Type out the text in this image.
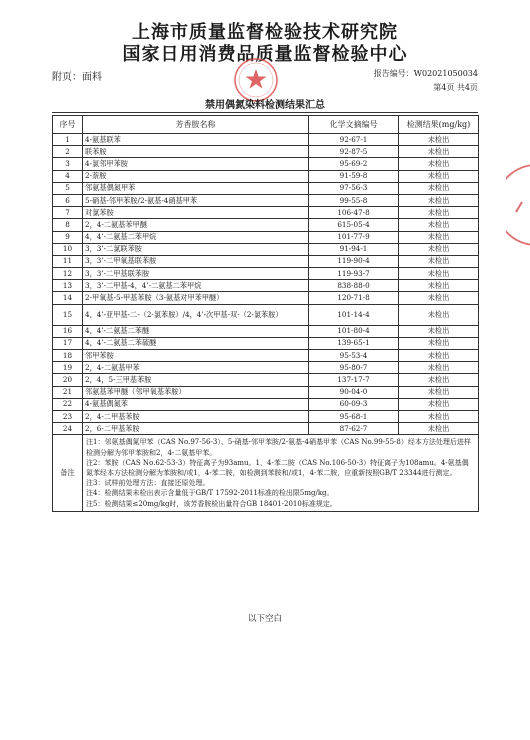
上海市质量监督检验技术研究院
国家日用消费品质量监督检验中心
附页：面料	报告编号：W02021050034
第4页 共4页
禁用偶氮染料检测结果汇总
序号	芳香胺名称	化学文摘编号	检测结果(mg/kg)
1	4-氨基联苯	92-67-1	未检出
2	联苯胺	92-87-5	未检出
3	4-氯邻甲苯胺	95-69-2	未检出
4	2-萘胺	91-59-8	未检出
5	邻氨基偶氮甲苯	97-56-3	未检出
6	5-硝基-邻甲苯胺/2-氨基-4硝基甲苯	99-55-8	未检出
7	对氯苯胺	106-47-8	未检出
8	2，4-二氨基苯甲醚	615-05-4	未检出
9	4，4’-二氨基二苯甲烷	101-77-9	未检出
10	3，3’-二氯联苯胺	91-94-1	未检出
11	3，3’-二甲氧基联苯胺	119-90-4	未检出
12	3，3’-二甲基联苯胺	119-93-7	未检出
13	3，3’-二甲基-4，4’-二氨基二苯甲烷	838-88-0	未检出
14	2-甲氧基-5-甲基苯胺（3-氨基对甲苯甲醚）	120-71-8	未检出
15	4，4’-亚甲基-二-（2-氯苯胺）/4，4’-次甲基-双-（2-氯苯胺）	101-14-4	未检出
16	4，4’-二氨基二苯醚	101-80-4	未检出
17	4，4’-二氨基二苯硫醚	139-65-1	未检出
18	邻甲苯胺	95-53-4	未检出
19	2，4-二氨基甲苯	95-80-7	未检出
20	2，4，5-三甲基苯胺	137-17-7	未检出
21	邻氨基苯甲醚（邻甲氧基苯胺）	90-04-0	未检出
22	4-氨基偶氮苯	60-09-3	未检出
23	2，4-二甲基苯胺	95-68-1	未检出
24	2，6-二甲基苯胺	87-62-7	未检出
备注	注1：邻氨基偶氮甲苯（CAS No.97-56-3）、5-硝基-邻甲苯胺/2-氨基-4硝基甲苯（CAS No.99-55-8）经本方法处理后进样检测分解为邻甲苯胺和2，4-二氨基甲苯。
注2：苯胺（CAS No.62-53-3）特征离子为93amu。1，4-苯二胺（CAS No.106-50-3）特征离子为108amu。4-氨基偶氮苯经本方法检测分解为苯胺和/或1，4-苯二胺，如检测到苯胺和/或1，4-苯二胺，应重新按照GB/T 23344进行测定。
注3：试样前处理方法：直接还原处理。
注4：检测结果未检出表示含量低于GB/T 17592-2011标准的检出限5mg/kg。
注5：检测结果≤20mg/kg时，该芳香胺检出量符合GB 18401-2010标准规定。		
以下空白
